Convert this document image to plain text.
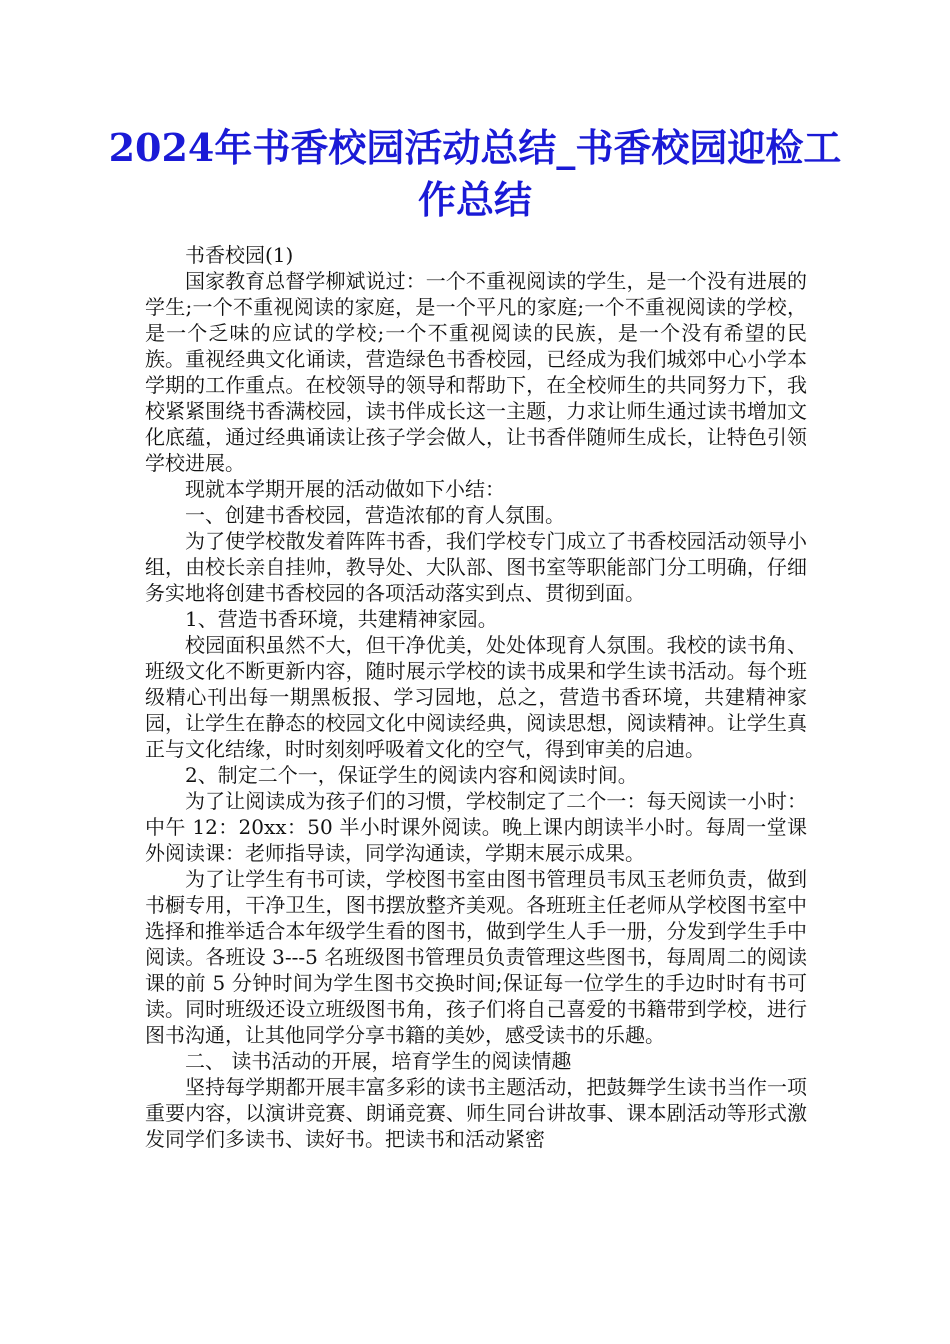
2024年书香校园活动总结_书香校园迎检工作总结

书香校园(1)

国家教育总督学柳斌说过：一个不重视阅读的学生，是一个没有进展的学生;一个不重视阅读的家庭，是一个平凡的家庭;一个不重视阅读的学校，是一个乏味的应试的学校;一个不重视阅读的民族，是一个没有希望的民族。重视经典文化诵读，营造绿色书香校园，已经成为我们城郊中心小学本学期的工作重点。在校领导的领导和帮助下，在全校师生的共同努力下，我校紧紧围绕书香满校园，读书伴成长这一主题，力求让师生通过读书增加文化底蕴，通过经典诵读让孩子学会做人，让书香伴随师生成长，让特色引领学校进展。

现就本学期开展的活动做如下小结：

一、创建书香校园，营造浓郁的育人氛围。

为了使学校散发着阵阵书香，我们学校专门成立了书香校园活动领导小组，由校长亲自挂帅，教导处、大队部、图书室等职能部门分工明确，仔细务实地将创建书香校园的各项活动落实到点、贯彻到面。

1、营造书香环境，共建精神家园。

校园面积虽然不大，但干净优美，处处体现育人氛围。我校的读书角、班级文化不断更新内容，随时展示学校的读书成果和学生读书活动。每个班级精心刊出每一期黑板报、学习园地，总之，营造书香环境，共建精神家园，让学生在静态的校园文化中阅读经典，阅读思想，阅读精神。让学生真正与文化结缘，时时刻刻呼吸着文化的空气，得到审美的启迪。

2、制定二个一，保证学生的阅读内容和阅读时间。

为了让阅读成为孩子们的习惯，学校制定了二个一：每天阅读一小时：中午 12：20xx：50 半小时课外阅读。晚上课内朗读半小时。每周一堂课外阅读课：老师指导读，同学沟通读，学期末展示成果。

为了让学生有书可读，学校图书室由图书管理员韦凤玉老师负责，做到书橱专用，干净卫生，图书摆放整齐美观。各班班主任老师从学校图书室中选择和推举适合本年级学生看的图书，做到学生人手一册，分发到学生手中阅读。各班设 3---5 名班级图书管理员负责管理这些图书，每周周二的阅读课的前 5 分钟时间为学生图书交换时间;保证每一位学生的手边时时有书可读。同时班级还设立班级图书角，孩子们将自己喜爱的书籍带到学校，进行图书沟通，让其他同学分享书籍的美妙，感受读书的乐趣。

二、 读书活动的开展，培育学生的阅读情趣

坚持每学期都开展丰富多彩的读书主题活动，把鼓舞学生读书当作一项重要内容，以演讲竞赛、朗诵竞赛、师生同台讲故事、课本剧活动等形式激发同学们多读书、读好书。把读书和活动紧密
